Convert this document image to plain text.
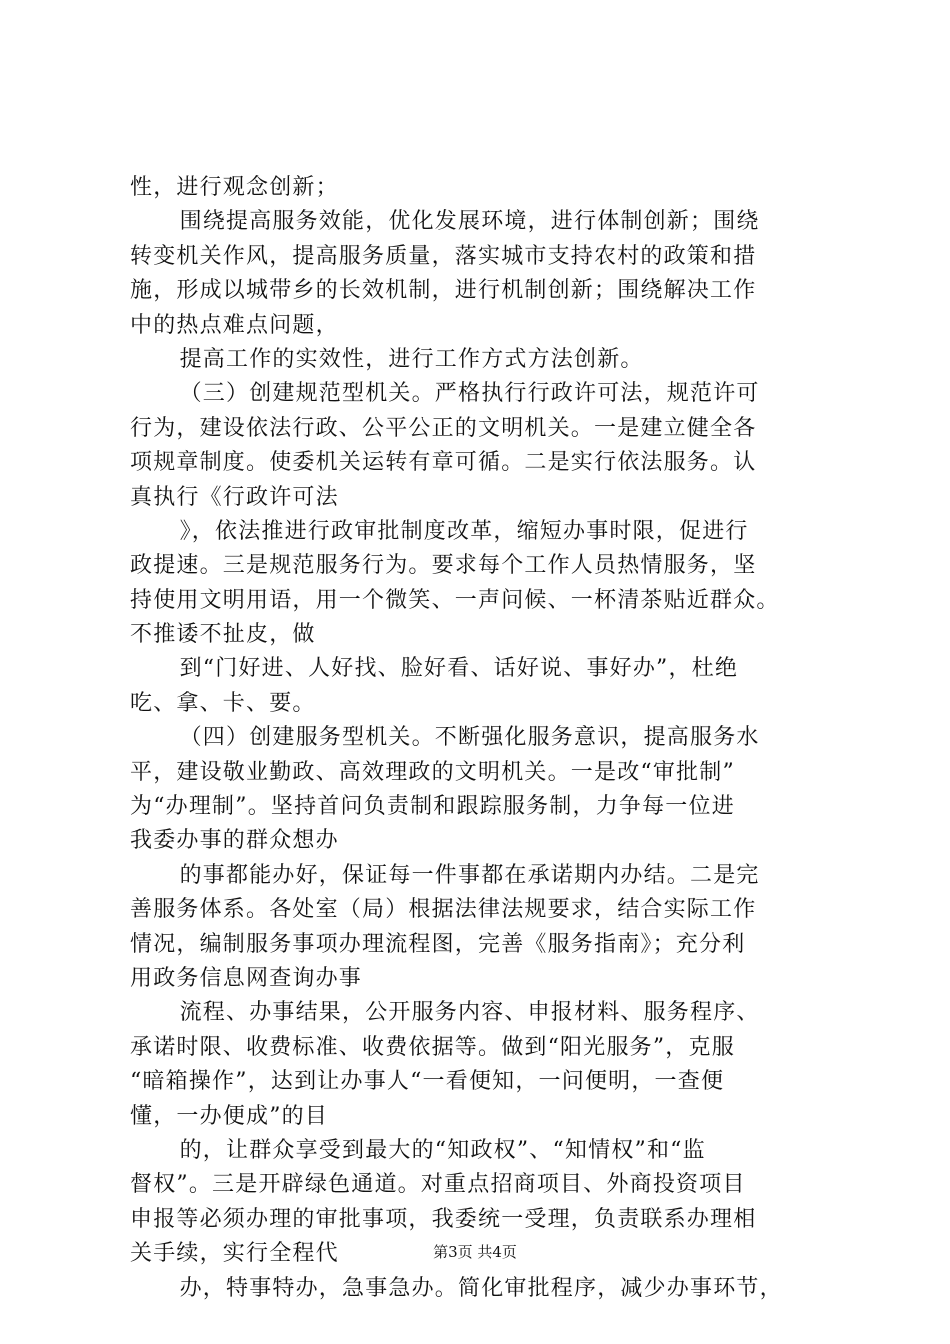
性，进行观念创新；
围绕提高服务效能，优化发展环境，进行体制创新；围绕
转变机关作风，提高服务质量，落实城市支持农村的政策和措
施，形成以城带乡的长效机制，进行机制创新；围绕解决工作
中的热点难点问题，
提高工作的实效性，进行工作方式方法创新。
（三）创建规范型机关。严格执行行政许可法，规范许可
行为，建设依法行政、公平公正的文明机关。一是建立健全各
项规章制度。使委机关运转有章可循。二是实行依法服务。认
真执行《行政许可法
》，依法推进行政审批制度改革，缩短办事时限，促进行
政提速。三是规范服务行为。要求每个工作人员热情服务，坚
持使用文明用语，用一个微笑、一声问候、一杯清茶贴近群众。
不推诿不扯皮，做
到“门好进、人好找、脸好看、话好说、事好办”，杜绝
吃、拿、卡、要。
（四）创建服务型机关。不断强化服务意识，提高服务水
平，建设敬业勤政、高效理政的文明机关。一是改“审批制”
为“办理制”。坚持首问负责制和跟踪服务制，力争每一位进
我委办事的群众想办
的事都能办好，保证每一件事都在承诺期内办结。二是完
善服务体系。各处室（局）根据法律法规要求，结合实际工作
情况，编制服务事项办理流程图，完善《服务指南》；充分利
用政务信息网查询办事
流程、办事结果，公开服务内容、申报材料、服务程序、
承诺时限、收费标准、收费依据等。做到“阳光服务”，克服
“暗箱操作”，达到让办事人“一看便知，一问便明，一查便
懂，一办便成”的目
的，让群众享受到最大的“知政权”、“知情权”和“监
督权”。三是开辟绿色通道。对重点招商项目、外商投资项目
申报等必须办理的审批事项，我委统一受理，负责联系办理相
关手续，实行全程代
办，特事特办，急事急办。简化审批程序，减少办事环节，
第3页 共4页
